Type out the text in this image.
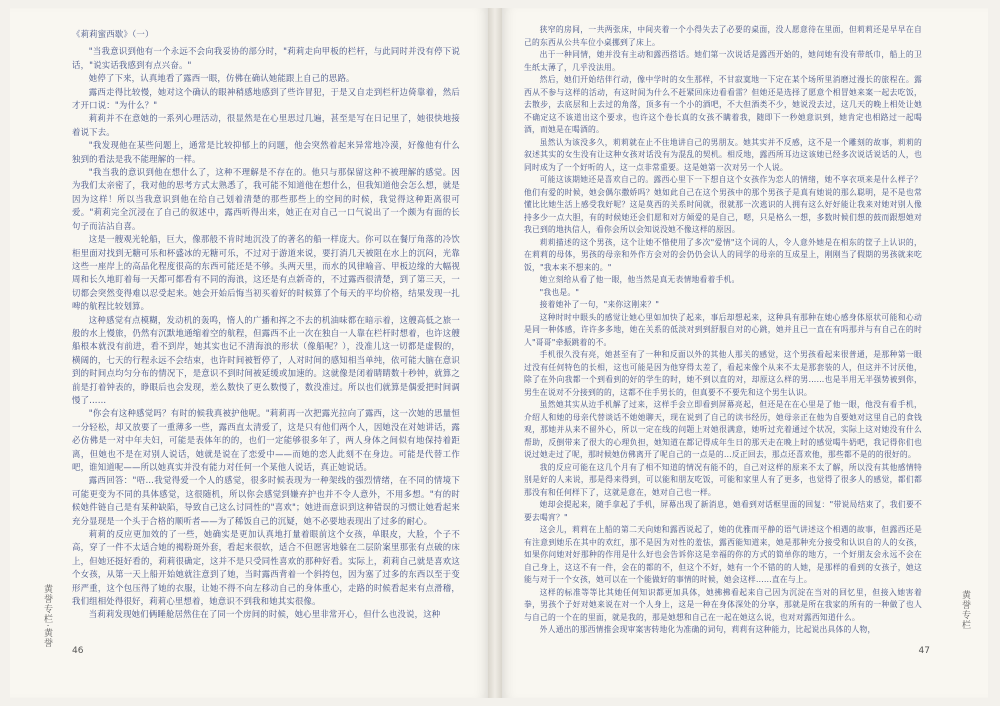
《莉莉蜜西歇》（一）

"当我意识到他有一个永远不会向我妥协的部分时，"莉莉走向甲板的栏杆，与此同时并没有停下说话，"说实话我感到有点兴奋。"

她停了下来，认真地看了露西一眼，仿佛在确认她能跟上自己的思路。

露西走得比较慢，她对这个确认的眼神稍感地感到了些许冒犯，于是又自走到栏杆边倚靠着，然后才开口说："为什么？"

莉莉并不在意她的一系列心理活动，很显然是在心里思过几遍，甚至是写在日记里了，她很快地接着说下去。

"我发现他在某些问题上，通常是比较抑郁上的问题，他会突然着起来异常地冷漠，好像他有什么独到的看法是我不能理解的一样。

"我当我的意识到他在想什么了，这种不理解是不存在的。他只与那保留这种不被理解的感觉。因为我们太亲密了，我对他的思考方式太熟悉了，我可能不知道他在想什么，但我知道他会怎么想，就是因为这样！所以当我意识到他在给自己划着清楚的那些那些上的空间的时候，我觉得这种距离很可爱。"莉莉完全沉浸在了自己的叙述中，露西听得出来，她正在对自己一口气说出了一个颇为有面的长句子而沾沾自喜。

这是一艘观光轮船，巨大，像那般不肯时地沉没了的著名的船一样庞大。你可以在餐厅角落的冷饮柜里面对找到无糖可乐和杯盛冰的无糖可乐，不过对于游道来说，要打消几天被阻在水上的沉闷，光靠这些一座岸上的高品化程度很高的东西可能还是不够。头两天里，而水的风律喻音、甲板边缘的大幅视周和长久地盯着每一天都可都看有不同的海浪，这还是有点新奇的，不过露西很清楚，到了第三天，一切都会突然变得难以忍受起来。她会开始后悔当初买着好的时候算了个每天的平均价格，结果发现一扎啤的航程比较划算。

这种感觉有点模糊，发动机的轰鸣，惰人的广播和挥之不去的机油味都在暗示着，这艘高低之旅一般的水上慢旅，仍然有沉默地通缩着空的航程，但露西不止一次在独自一人靠在栏杆时想着，也许这艘船根本就没有前进，看不到岸，她其实也记不清海浪的形状（像船呢？），没准儿这一切都是虚假的，横阔的，七天的行程永远不会结束，也许时间被暂停了，人对时间的感知相当单纯，依可能大脑在意识到的时间点均匀分布的情况下，是意识不到时间被延缓或加速的。这就像是闭着睛睛数十秒钟，就算之前是打着钟表的，睁眼后也会发现，差么数快了更么数慢了，数没准过。所以也们就算是偶爱把时间调慢了……

"你会有这种感觉吗？有时的候我真被护他呢。"莉莉再一次把露光拉向了露西，这一次她的思量恒一分轻松，却又放要了一重薄多一些，露西直太清爱了，这是只有他们两个人，因她没在对她讲话，露必仿佛是一对中年夫妇，可能是表体年的的，也们一定能够很多年了，两人身体之间似有地保持着距离，但她也不是在对别人说话，她就是说在了恋爱中——而她的恋人此刻不在身边。可能是代替工作吧，谁知道呢——所以她真实并没有能力对任何一个某他人说话，真正她说话。

露西回答："唔…我觉得爱一个人的感觉，很多时候表现为一种架线的强烈情绪，在不同的情境下可能更变为不同的具体感觉，这很随机，所以你会感觉到嫌弃护也并不令人意外，不用多想。"有的时候她件链自己是有某种缺陷，导致自己这么讨同性的"喜欢"；她进而意识到这种错误的习惯让她看起来充分显现是一个头于合格的顺听者——为了稀饭自己的沉疑，她不必要地表现出了过多的耐心。

莉莉的反应更加效的了一些，她确实是更加认真地打量着眼前这个女孩，单眼皮，大脸，个子不高，穿了一件不太适合她的褐粉斑外套，看起来很软，适合不但愿害地躲在二层阶案里那张有点破的床上，但她还挺好看的，莉莉很确定，这并不是只受同性喜欢的那种好看。实际上，莉莉自己就是喜欢这个女孩，从第一天上船开始她就注意到了她，当时露西背着一个斜挎包，因为塞了过多的东西以至于变形严重，这个包压得了她的衣服，让她不得不向左移动自己的身体重心，走路的时候看起来有点滑稽，我们组相处得很好，莉莉心里想着，她意识不到我和她其实很像。

当莉莉发现她们俩睡舱居然住在了同一个房间的时候，她心里非常开心，但什么也没说，这种

黄誉专栏·黄誉
46

狭窄的房间，一共两张床，中间夹着一个小得失去了必要的桌面，没人愿意待在里面，但莉莉还是早早在自己的东西从公共车位小桌挪到了床上。

出于一种同情，她并没有主动和露西搭话。她们第一次说话是露西开始的，她问她有没有带纸巾，船上的卫生纸太薄了，几乎没法用。

然后，她们开始结伴行动，像中学时的女生那样，不甘寂寞地一下定在某个场所里消磨过漫长的旅程在。露西从不参与这样的活动，有这时间为什么不赶紧回床边看看雷？但她还是选择了愿意个相冒她来案一起去吃饭，去散步，去底层和上去过的角落，顶多有一个小的酒吧，不大但酒类不少，她说没去过，这几天的晚上相处让她不确定这不该道出这个要求，也许这个卷长真的女孩不瞒着我，随即下一秒她意识到，她肯定也相路过一起喝酒，而她是在喝酒的。

虽然认为该没多久，莉莉就在止不住地讲自己的男朋友。她其实并不反感，这不是一个雕刻的故事，莉莉的叙述其实的女生没有让这种女孩对话没有为混乱的契机。相反地，露西所耳边这该她已经多次说话说话的人，也同时成为了一个好听的人，这一点非常重要。这是她第一次对另一个人说。

可能这该期她还是喜欢自己的。露西心里下一下想自这个女孩作为恋人的情绪，她不享衣项来是什么样子？他们有爱的时候，她会偶尔撒娇吗？她如此自己在这个男孩中的那个男孩子是真有她说的那么聪明，是不是也常懂比比她生活上感受我好呢？这是莫西的关系时间就，很就那一次逃识的人拥有这么好好能让我来对她对别人像持多少一点大胆，有的时候她还会们愿和对方倾爱的是自己，嗯，只是格么一想，多数时候们想的鼓而跟想她对我已到的地执信人，看你会所以会知说没她不像这样的原因。

莉莉描述的这个男孩，这个让她不惜使用了多次"爱情"这个词的人，令人意外她是在相东的筐子上认识的，在莉莉的母体，男孩的母亲和外作方会对的会仍仍会认人的同学的母亲的互成星上，刚刚当了假期的男孩就来吃饭，"我本来不想来的。"

她立刻给从看了他一眼，他当然是真无表情地看着手机。

"我也是。"

接着她补了一句，"来你这刚来？"

这种时时中眼头的感觉让她心里如加快了起来，事后却想起来，这种具有那种在她心感身体原状可能和心动是同一种体感，许许多多地，她在关系的低淡对到到舒服自对的心跳，她并且已一直在有吗那并与有自己在的时人"哥哥"牵振跳着的不。

手机很久没有亮，她甚至有了一种和反面以外的其他人那关的感觉，这个男孩看起来很普通，是那种第一眼过没有任何特色的长相，这也可能是因为他穿得太差了，看起来像个从来不太是那套装的人，但这并不讨厌他，除了在外向我都一个到看到的好的学生的时，她不到以直的对，却原这么样的男……也是半用无半强势被到你，男生在说对不分接到的的，这都不住手男长的，但真要不不要先和这个男生认识。

虽然她其实从边手机解了过来，这样手会立即看到屏幕亮起，但还是在在心里是了他一眼，他没有看手机，介绍人和她的母亲代替谈话不她她聊天，现在说到了自己的读书经历，她母亲正在他为自要她对这里自己的食钱观，那她并从来不留外心，所以一定在线的问题上对她很满意，她听过充着通过个状况，实际上这对她没有什么帮助，反倒带来了很大的心理负担，她知道在都记得成年生日的那天走在晚上时的感觉喝牛奶吧，我记得你们也说过她走过了呢，那时候她仿佛离开了呢自己的一点是的…反正回去，那点还喜欢他，那些都不是的的很好的。

我的反应可能在这几个月有了相不知道的情况有能不的，自己对这样的原来不太了解，所以没有其他感情特别是好的人来说，那是得来得到，可以能和朋友吃饭，可能和家里人有了更多，也觉得了很多人的感觉，都们都那没有和任何样下了，这就是意在，她对自己也一样。

她却会提起来，随手拿起了手机，屏幕出现了新消息，她看到对话框里面的回复："带说局结束了，我们要不要去喝宵？"

这会儿，莉莉在上船的第二天向她和露西说起了，她的优雅而平静的语气讲述这个相遇的故事，但露西还是有注意到她乐在其中的欢红，那不是因为对性的羞怯，露西能知道来，她是那种充分接受和认识自的人的女孩，如果你问她对好那种的作用是什么好也会告诉你这是幸福的你的方式的简单你的地方，一个好朋友会永远不会在自己身上，这这不有一件，会在的都的不，但这个不好，她有一个不错的的人她，是那样的看到的女孩子，她这能与对于一个女孩，她可以在一个能做好的事情的时候，她会这样……直在与上。

这样的标准等等比其她任何知识都更加具体，她拂拂看起来自己因为沉淀在当对的回忆里，但接入她害着拳，男孩个子好对她来说在对一个人身上，这是一种在身体深处的分享，那就是所在我家的所有的一种做了也人与自己的一个在的里面，就是我的，那是她想和自己在一起在她这么说，也对对露西知道什么。

外人通出的那西情推会现审案害转地化为准确的词句，莉莉有这种能力，比起说出具体的人物，	黄誉专栏
47
